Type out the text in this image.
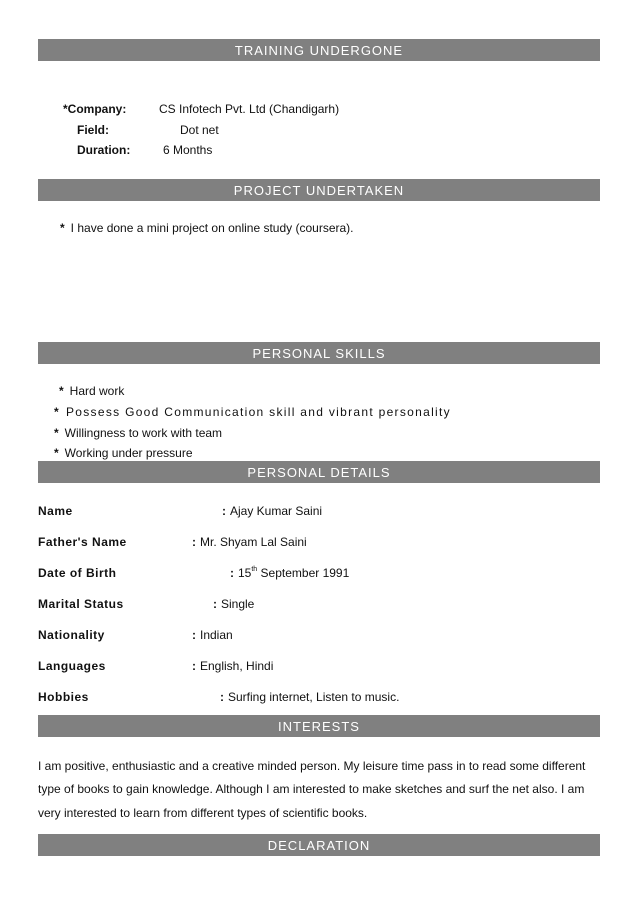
TRAINING UNDERGONE
*Company:	CS Infotech Pvt. Ltd (Chandigarh)
Field:	Dot net
Duration:	6 Months
PROJECT UNDERTAKEN
* I have done a mini project on online study (coursera).
PERSONAL SKILLS
* Hard work
* Possess Good Communication skill and vibrant personality
* Willingness to work with team
* Working under pressure
PERSONAL DETAILS
Name	: Ajay Kumar Saini
Father's Name	: Mr. Shyam Lal Saini
Date of Birth	: 15th September 1991
Marital Status	: Single
Nationality	: Indian
Languages	: English, Hindi
Hobbies	: Surfing internet, Listen to music.
INTERESTS
I am positive, enthusiastic and a creative minded person. My leisure time pass in to read some different
type of books to gain knowledge. Although I am interested to make sketches and surf the net also. I am
very interested to learn from different types of scientific books.
DECLARATION
